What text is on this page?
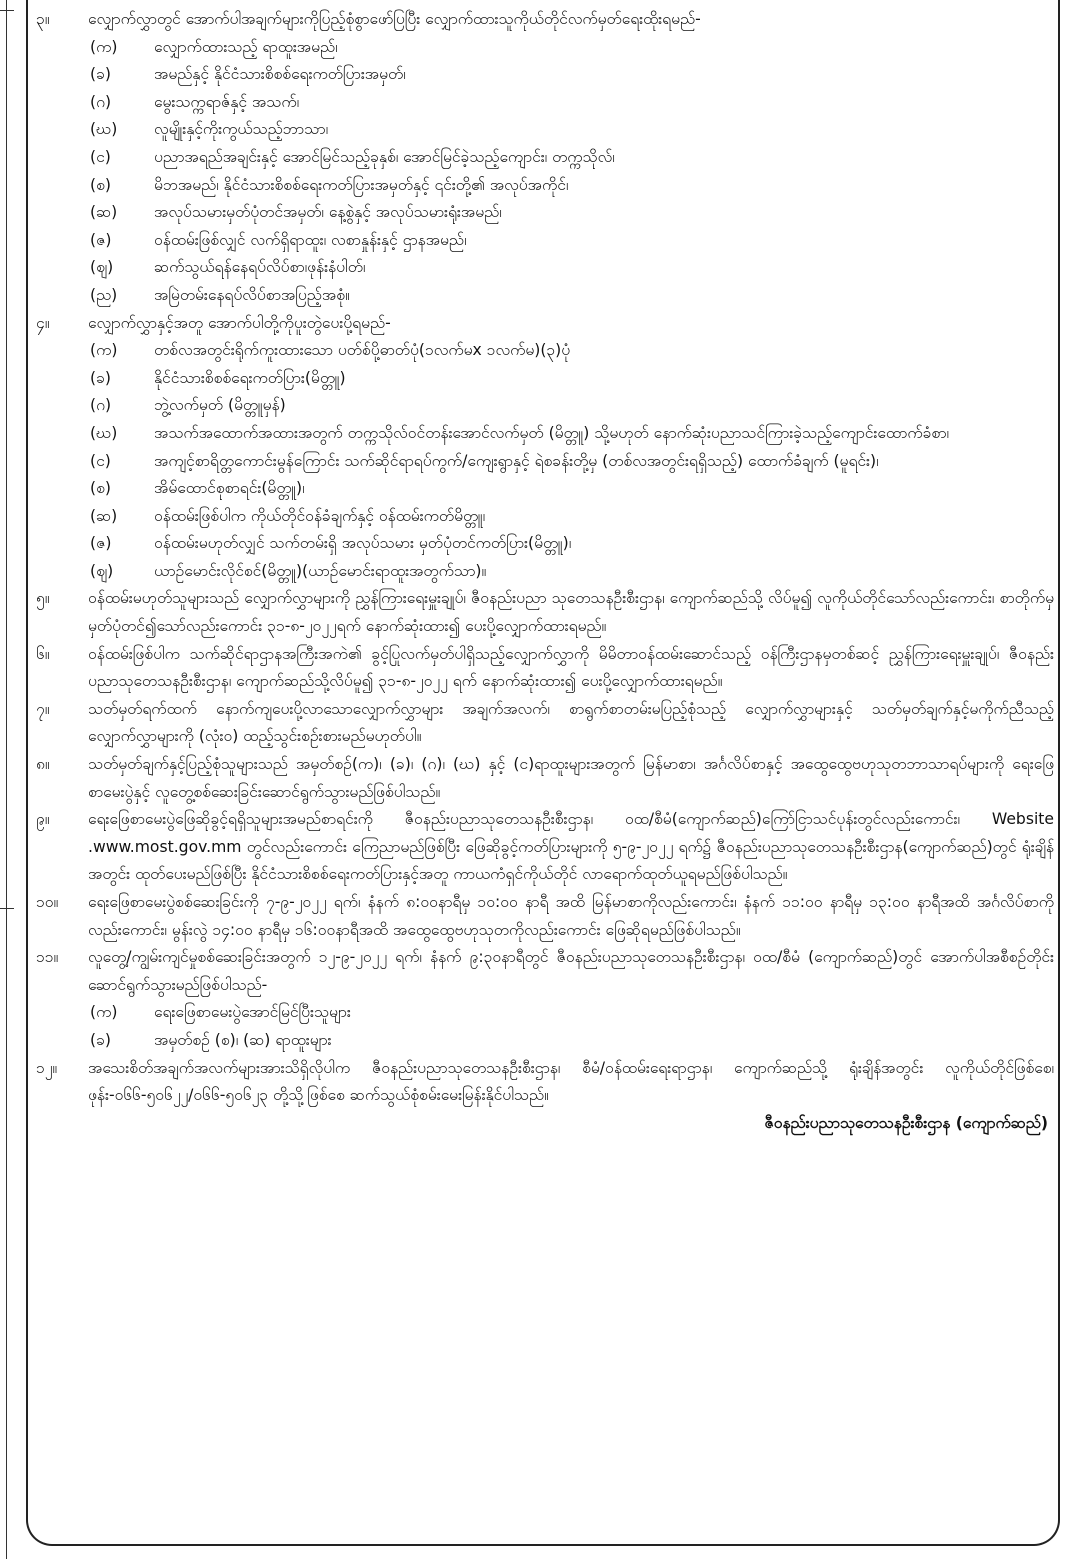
၃။	လျှောက်လွှာတွင် အောက်ပါအချက်များကိုပြည့်စုံစွာဖော်ပြပြီး လျှောက်ထားသူကိုယ်တိုင်လက်မှတ်ရေးထိုးရမည်-
(က)	လျှောက်ထားသည့် ရာထူးအမည်၊
(ခ)	အမည်နှင့် နိုင်ငံသားစိစစ်ရေးကတ်ပြားအမှတ်၊
(ဂ)	မွေးသက္ကရာဇ်နှင့် အသက်၊
(ဃ)	လူမျိုးနှင့်ကိုးကွယ်သည့်ဘာသာ၊
(င)	ပညာအရည်အချင်းနှင့် အောင်မြင်သည့်ခုနှစ်၊ အောင်မြင်ခဲ့သည့်ကျောင်း၊ တက္ကသိုလ်၊
(စ)	မိဘအမည်၊ နိုင်ငံသားစိစစ်ရေးကတ်ပြားအမှတ်နှင့် ၎င်းတို့၏ အလုပ်အကိုင်၊
(ဆ)	အလုပ်သမားမှတ်ပုံတင်အမှတ်၊ နေ့စွဲနှင့် အလုပ်သမားရုံးအမည်၊
(ဇ)	ဝန်ထမ်းဖြစ်လျှင် လက်ရှိရာထူး၊ လစာနှုန်းနှင့် ဌာနအမည်၊
(ဈ)	ဆက်သွယ်ရန်နေရပ်လိပ်စာ၊ဖုန်းနံပါတ်၊
(ည)	အမြဲတမ်းနေရပ်လိပ်စာအပြည့်အစုံ။
၄။	လျှောက်လွှာနှင့်အတူ အောက်ပါတို့ကိုပူးတွဲပေးပို့ရမည်-
(က)	တစ်လအတွင်းရိုက်ကူးထားသော ပတ်စ်ပို့ဓာတ်ပုံ(၁လက်မx ၁လက်မ)(၃)ပုံ
(ခ)	နိုင်ငံသားစိစစ်ရေးကတ်ပြား(မိတ္တူ)
(ဂ)	ဘွဲ့လက်မှတ် (မိတ္တူမှန်)
(ဃ)	အသက်အထောက်အထားအတွက် တက္ကသိုလ်ဝင်တန်းအောင်လက်မှတ် (မိတ္တူ) သို့မဟုတ် နောက်ဆုံးပညာသင်ကြားခဲ့သည့်ကျောင်းထောက်ခံစာ၊
(င)	အကျင့်စာရိတ္တကောင်းမွန်ကြောင်း သက်ဆိုင်ရာရပ်ကွက်/ကျေးရွာနှင့် ရဲစခန်းတို့မှ (တစ်လအတွင်းရရှိသည့်) ထောက်ခံချက် (မူရင်း)၊
(စ)	အိမ်ထောင်စုစာရင်း(မိတ္တူ)၊
(ဆ)	ဝန်ထမ်းဖြစ်ပါက ကိုယ်တိုင်ဝန်ခံချက်နှင့် ဝန်ထမ်းကတ်မိတ္တူ၊
(ဇ)	ဝန်ထမ်းမဟုတ်လျှင် သက်တမ်းရှိ အလုပ်သမား မှတ်ပုံတင်ကတ်ပြား(မိတ္တူ)၊
(ဈ)	ယာဉ်မောင်းလိုင်စင်(မိတ္တူ)(ယာဉ်မောင်းရာထူးအတွက်သာ)။
၅။	ဝန်ထမ်းမဟုတ်သူများသည် လျှောက်လွှာများကို ညွှန်ကြားရေးမှူးချုပ်၊ ဇီဝနည်းပညာ သုတေသနဦးစီးဌာန၊ ကျောက်ဆည်သို့ လိပ်မူ၍ လူကိုယ်တိုင်သော်လည်းကောင်း၊ စာတိုက်မှမှတ်ပုံတင်၍သော်လည်းကောင်း ၃၁-၈-၂၀၂၂ရက် နောက်ဆုံးထား၍ ပေးပို့လျှောက်ထားရမည်။
၆။	ဝန်ထမ်းဖြစ်ပါက သက်ဆိုင်ရာဌာနအကြီးအကဲ၏ ခွင့်ပြုလက်မှတ်ပါရှိသည့်လျှောက်လွှာကို မိမိတာဝန်ထမ်းဆောင်သည့် ဝန်ကြီးဌာနမှတစ်ဆင့် ညွှန်ကြားရေးမှူးချုပ်၊ ဇီဝနည်းပညာသုတေသနဦးစီးဌာန၊ ကျောက်ဆည်သို့လိပ်မူ၍ ၃၁-၈-၂၀၂၂ ရက် နောက်ဆုံးထား၍ ပေးပို့လျှောက်ထားရမည်။
၇။	သတ်မှတ်ရက်ထက် နောက်ကျပေးပို့လာသောလျှောက်လွှာများ အချက်အလက်၊ စာရွက်စာတမ်းမပြည့်စုံသည့် လျှောက်လွှာများနှင့် သတ်မှတ်ချက်နှင့်မကိုက်ညီသည့် လျှောက်လွှာများကို (လုံးဝ) ထည့်သွင်းစဉ်းစားမည်မဟုတ်ပါ။
၈။	သတ်မှတ်ချက်နှင့်ပြည့်စုံသူများသည် အမှတ်စဉ်(က)၊ (ခ)၊ (ဂ)၊ (ဃ) နှင့် (င)ရာထူးများအတွက် မြန်မာစာ၊ အင်္ဂလိပ်စာနှင့် အထွေထွေဗဟုသုတဘာသာရပ်များကို ရေးဖြေစာမေးပွဲနှင့် လူတွေ့စစ်ဆေးခြင်းဆောင်ရွက်သွားမည်ဖြစ်ပါသည်။
၉။	ရေးဖြေစာမေးပွဲဖြေဆိုခွင့်ရရှိသူများအမည်စာရင်းကို ဇီဝနည်းပညာသုတေသနဦးစီးဌာန၊ ဝထ/စီမံ(ကျောက်ဆည်)ကြော်ငြာသင်ပုန်းတွင်လည်းကောင်း၊ Website .www.most.gov.mm တွင်လည်းကောင်း ကြေညာမည်ဖြစ်ပြီး ဖြေဆိုခွင့်ကတ်ပြားများကို ၅-၉-၂၀၂၂ ရက်၌ ဇီဝနည်းပညာသုတေသနဦးစီးဌာန(ကျောက်ဆည်)တွင် ရုံးချိန်အတွင်း ထုတ်ပေးမည်ဖြစ်ပြီး နိုင်ငံသားစိစစ်ရေးကတ်ပြားနှင့်အတူ ကာယကံရှင်ကိုယ်တိုင် လာရောက်ထုတ်ယူရမည်ဖြစ်ပါသည်။
၁၀။	ရေးဖြေစာမေးပွဲစစ်ဆေးခြင်းကို ၇-၉-၂၀၂၂ ရက်၊ နံနက် ၈:၀၀နာရီမှ ၁၀:၀၀ နာရီ အထိ မြန်မာစာကိုလည်းကောင်း၊ နံနက် ၁၁:၀၀ နာရီမှ ၁၃:၀၀ နာရီအထိ အင်္ဂလိပ်စာကိုလည်းကောင်း၊ မွန်းလွဲ ၁၄:၀၀ နာရီမှ ၁၆:၀၀နာရီအထိ အထွေထွေဗဟုသုတကိုလည်းကောင်း ဖြေဆိုရမည်ဖြစ်ပါသည်။
၁၁။	လူတွေ့/ကျွမ်းကျင်မှုစစ်ဆေးခြင်းအတွက် ၁၂-၉-၂၀၂၂ ရက်၊ နံနက် ၉:၃၀နာရီတွင် ဇီဝနည်းပညာသုတေသနဦးစီးဌာန၊ ဝထ/စီမံ (ကျောက်ဆည်)တွင် အောက်ပါအစီစဉ်တိုင်း ဆောင်ရွက်သွားမည်ဖြစ်ပါသည်-
(က)	ရေးဖြေစာမေးပွဲအောင်မြင်ပြီးသူများ
(ခ)	အမှတ်စဉ် (စ)၊ (ဆ) ရာထူးများ
၁၂။	အသေးစိတ်အချက်အလက်များအားသိရှိလိုပါက ဇီဝနည်းပညာသုတေသနဦးစီးဌာန၊ စီမံ/ဝန်ထမ်းရေးရာဌာန၊ ကျောက်ဆည်သို့ ရုံးချိန်အတွင်း လူကိုယ်တိုင်ဖြစ်စေ၊ ဖုန်း-၀၆၆-၅၀၆၂၂/၀၆၆-၅၀၆၂၃ တို့သို့ဖြစ်စေ ဆက်သွယ်စုံစမ်းမေးမြန်းနိုင်ပါသည်။
ဇီဝနည်းပညာသုတေသနဦးစီးဌာန (ကျောက်ဆည်)
